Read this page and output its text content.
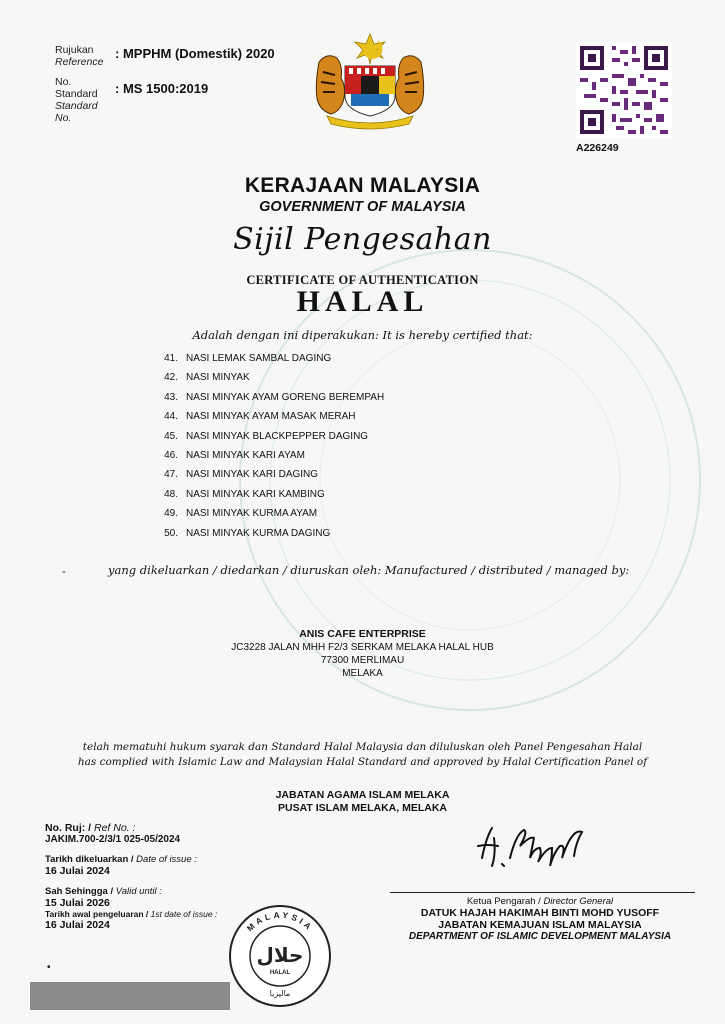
Rujukan
Reference
: MPPHM (Domestik) 2020
No. Standard
Standard No.
: MS 1500:2019
A226249
KERAJAAN MALAYSIA
GOVERNMENT OF MALAYSIA
Sijil Pengesahan
CERTIFICATE OF AUTHENTICATION
HALAL
Adalah dengan ini diperakukan: It is hereby certified that:
41. NASI LEMAK SAMBAL DAGING
42. NASI MINYAK
43. NASI MINYAK AYAM GORENG BEREMPAH
44. NASI MINYAK AYAM MASAK MERAH
45. NASI MINYAK BLACKPEPPER DAGING
46. NASI MINYAK KARI AYAM
47. NASI MINYAK KARI DAGING
48. NASI MINYAK KARI KAMBING
49. NASI MINYAK KURMA AYAM
50. NASI MINYAK KURMA DAGING
-	yang dikeluarkan / diedarkan / diuruskan oleh: Manufactured / distributed / managed by:
ANIS CAFE ENTERPRISE
JC3228 JALAN MHH F2/3 SERKAM MELAKA HALAL HUB
77300 MERLIMAU
MELAKA
telah mematuhi hukum syarak dan Standard Halal Malaysia dan diluluskan oleh Panel Pengesahan Halal
has complied with Islamic Law and Malaysian Halal Standard and approved by Halal Certification Panel of
JABATAN AGAMA ISLAM MELAKA
PUSAT ISLAM MELAKA, MELAKA
No. Ruj: / Ref No. :
JAKIM.700-2/3/1 025-05/2024
Tarikh dikeluarkan / Date of issue :
16 Julai 2024
Sah Sehingga / Valid until :
15 Julai 2026
Tarikh awal pengeluaran / 1st date of issue :
16 Julai 2024
Ketua Pengarah / Director General
DATUK HAJAH HAKIMAH BINTI MOHD YUSOFF
JABATAN KEMAJUAN ISLAM MALAYSIA
DEPARTMENT OF ISLAMIC DEVELOPMENT MALAYSIA
MALAYSIA
حلال
HALAL
ماليزيا
•
